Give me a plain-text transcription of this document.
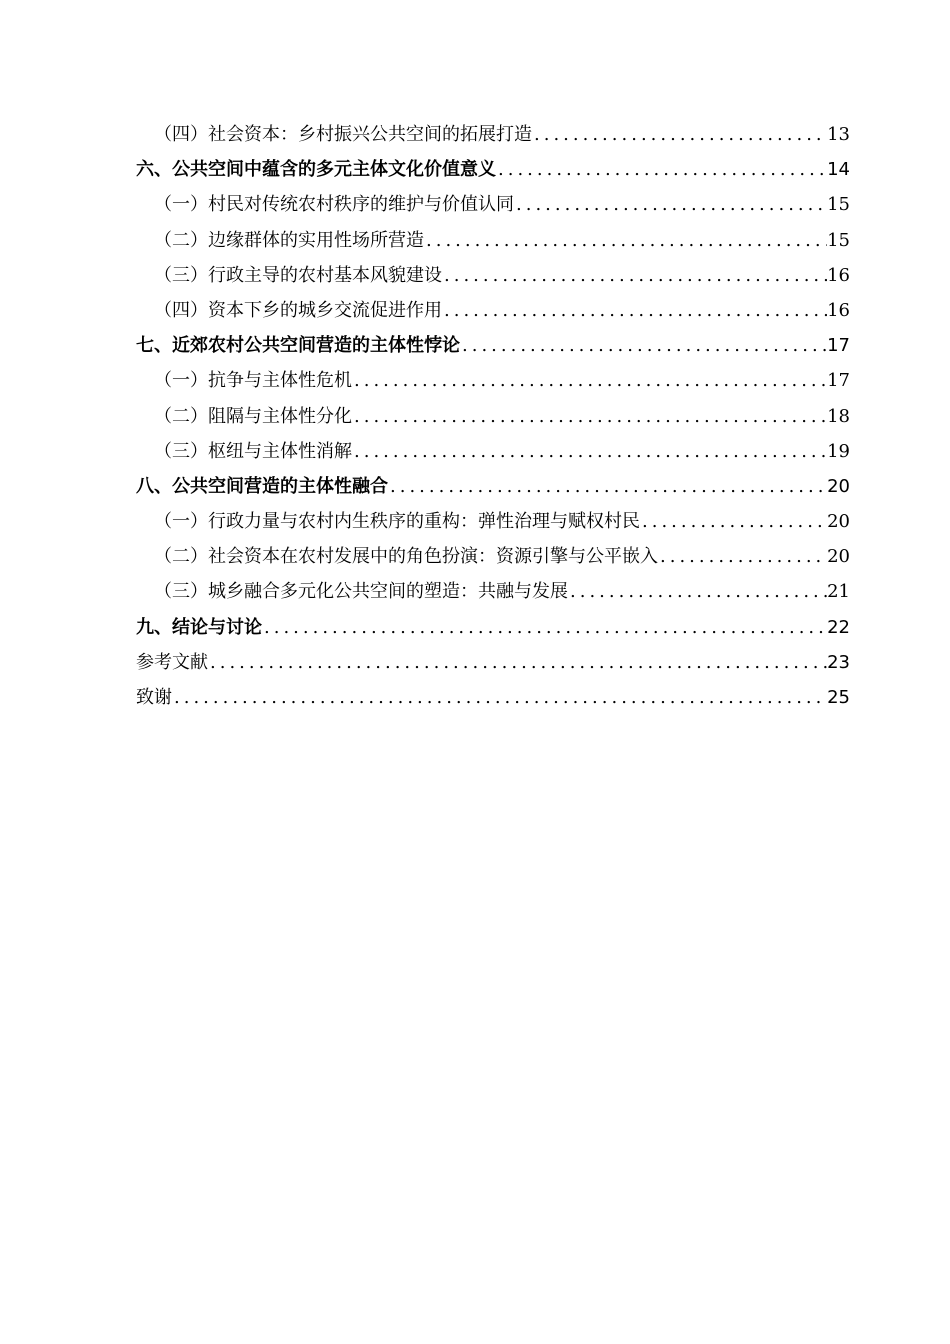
（四）社会资本：乡村振兴公共空间的拓展打造 .....	13
六、公共空间中蕴含的多元主体文化价值意义 .....	14
（一）村民对传统农村秩序的维护与价值认同 .....	15
（二）边缘群体的实用性场所营造 .....	15
（三）行政主导的农村基本风貌建设 .....	16
（四）资本下乡的城乡交流促进作用 .....	16
七、近郊农村公共空间营造的主体性悖论 .....	17
（一）抗争与主体性危机 .....	17
（二）阻隔与主体性分化 .....	18
（三）枢纽与主体性消解 .....	19
八、公共空间营造的主体性融合 .....	20
（一）行政力量与农村内生秩序的重构：弹性治理与赋权村民 .....	20
（二）社会资本在农村发展中的角色扮演：资源引擎与公平嵌入 .....	20
（三）城乡融合多元化公共空间的塑造：共融与发展 .....	21
九、结论与讨论 .....	22
参考文献 .....	23
致谢 .....	25
